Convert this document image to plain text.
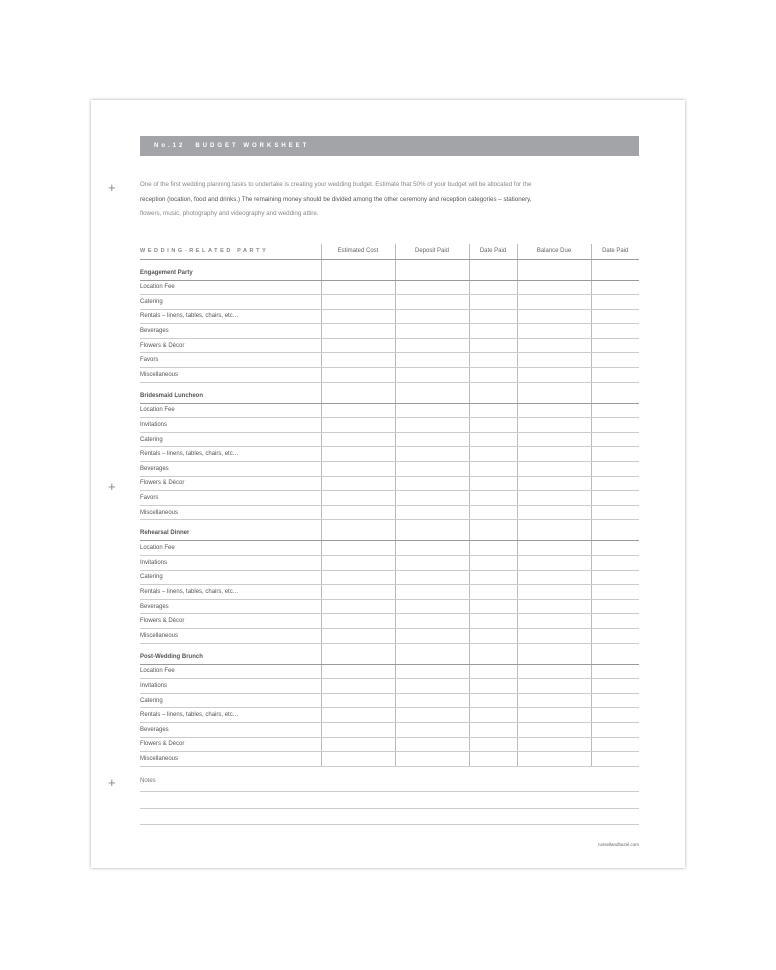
+
+
+
No.12 BUDGET WORKSHEET
One of the first wedding planning tasks to undertake is creating your wedding budget. Estimate that 50% of your budget will be allocated for the
reception (location, food and drinks.) The remaining money should be divided among the other ceremony and reception categories – stationery,
flowers, music, photography and videography and wedding attire.
WEDDING-RELATED PARTY	Estimated Cost	Deposit Paid	Date Paid	Balance Due	Date Paid
Engagement Party					
Location Fee					
Catering					
Rentals – linens, tables, chairs, etc…					
Beverages					
Flowers & Décor					
Favors					
Miscellaneous					
Bridesmaid Luncheon					
Location Fee					
Invitations					
Catering					
Rentals – linens, tables, chairs, etc…					
Beverages					
Flowers & Décor					
Favors					
Miscellaneous					
Rehearsal Dinner					
Location Fee					
Invitations					
Catering					
Rentals – linens, tables, chairs, etc…					
Beverages					
Flowers & Décor					
Miscellaneous					
Post-Wedding Brunch					
Location Fee					
Invitations					
Catering					
Rentals – linens, tables, chairs, etc…					
Beverages					
Flowers & Décor					
Miscellaneous					
Notes
russellandhazel.com
